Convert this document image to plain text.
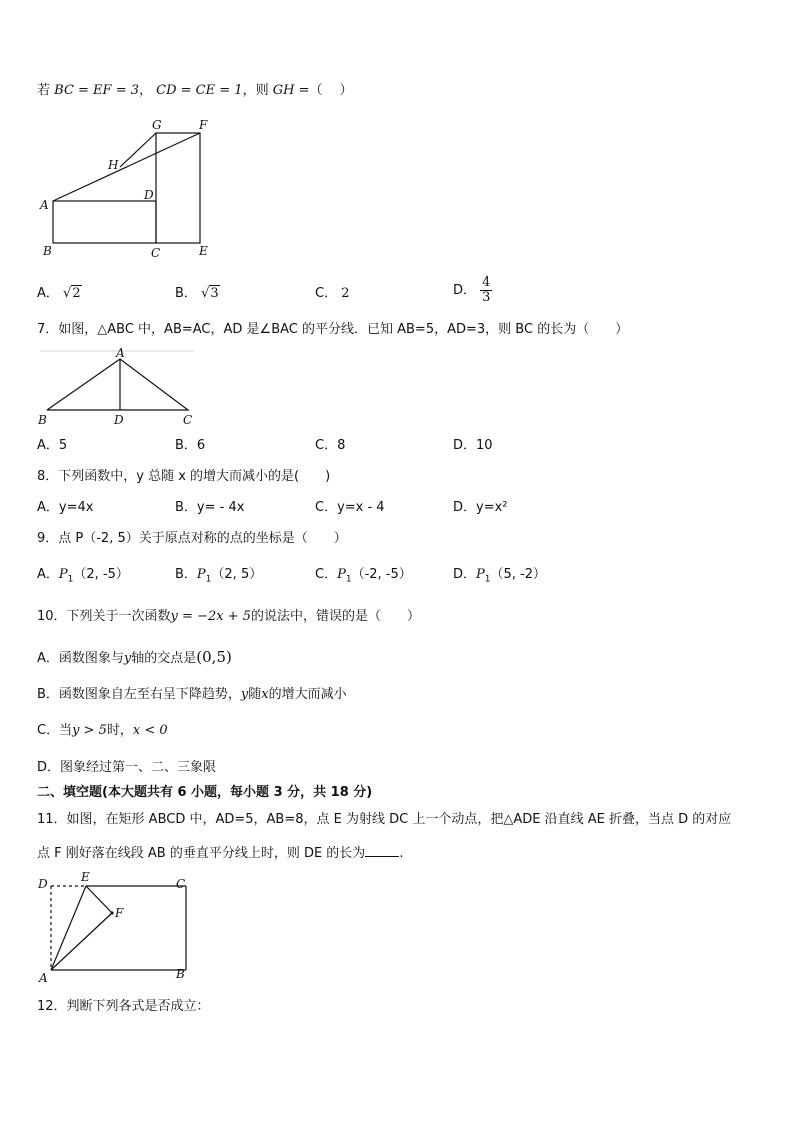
若 BC = EF = 3， CD = CE = 1，则 GH =（　 ）
G	F
H
D
A
B	C	E
A． √2	B． √3	C． 2	D． $\frac{4}{3}$
7．如图，△ABC 中，AB=AC，AD 是∠BAC 的平分线．已知 AB=5，AD=3，则 BC 的长为（　　）
A
B	D	C
A．5	B．6	C．8	D．10
8．下列函数中，y 总随 x 的增大而减小的是(　　)
A．y=4x	B．y= - 4x	C．y=x - 4	D．y=x²
9．点 P（-2, 5）关于原点对称的点的坐标是（　　）
A．$P_1(2$, -5）	B．$P_1(2$, 5）	C．$P_1(-2$, -5）	D．$P_1(5$, -2）
10．下列关于一次函数y = −2x + 5的说法中，错误的是（　　）
A．函数图象与y轴的交点是(0,5)
B．函数图象自左至右呈下降趋势，y随x的增大而减小
C．当y > 5时，x < 0
D．图象经过第一、二、三象限
二、填空题(本大题共有 6 小题，每小题 3 分，共 18 分)
11．如图，在矩形 ABCD 中，AD=5，AB=8，点 E 为射线 DC 上一个动点，把△ADE 沿直线 AE 折叠，当点 D 的对应
点 F 刚好落在线段 AB 的垂直平分线上时，则 DE 的长为	.
D	E	C
F
A	B
12．判断下列各式是否成立：
